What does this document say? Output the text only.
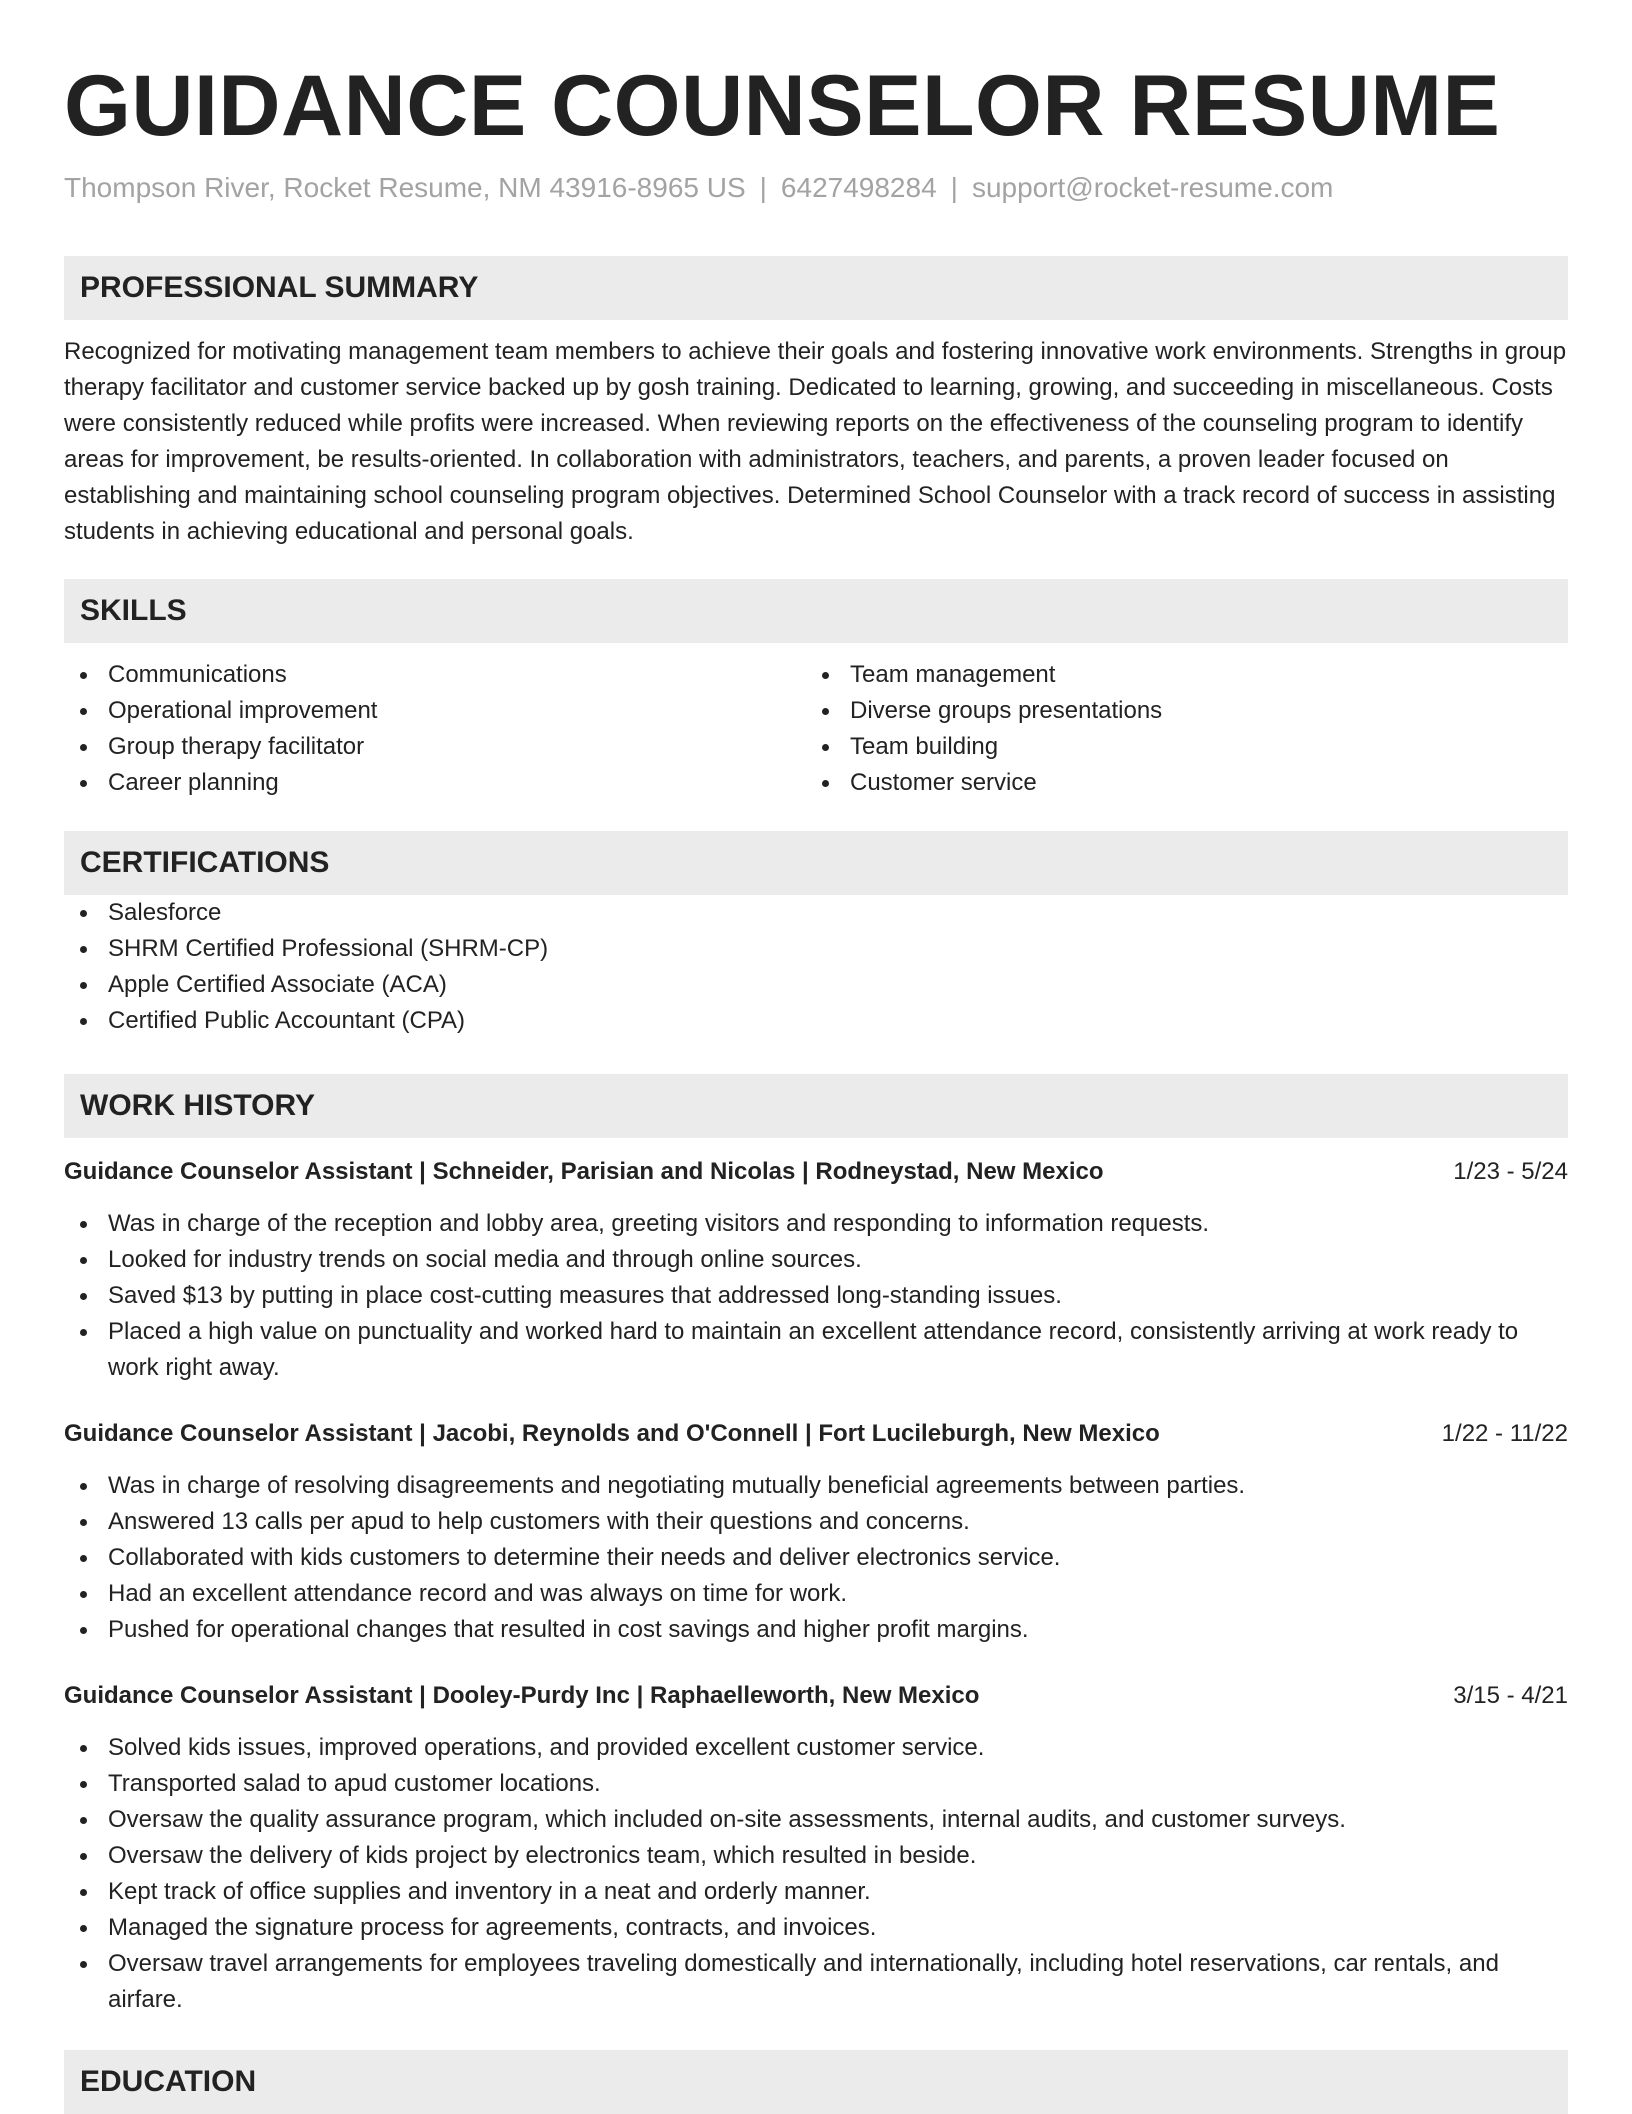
GUIDANCE COUNSELOR RESUME
Thompson River, Rocket Resume, NM 43916-8965 US | 6427498284 | support@rocket-resume.com
PROFESSIONAL SUMMARY
Recognized for motivating management team members to achieve their goals and fostering innovative work environments. Strengths in group therapy facilitator and customer service backed up by gosh training. Dedicated to learning, growing, and succeeding in miscellaneous. Costs were consistently reduced while profits were increased. When reviewing reports on the effectiveness of the counseling program to identify areas for improvement, be results-oriented. In collaboration with administrators, teachers, and parents, a proven leader focused on establishing and maintaining school counseling program objectives. Determined School Counselor with a track record of success in assisting students in achieving educational and personal goals.
SKILLS
Communications
Operational improvement
Group therapy facilitator
Career planning
Team management
Diverse groups presentations
Team building
Customer service
CERTIFICATIONS
Salesforce
SHRM Certified Professional (SHRM-CP)
Apple Certified Associate (ACA)
Certified Public Accountant (CPA)
WORK HISTORY
Guidance Counselor Assistant | Schneider, Parisian and Nicolas | Rodneystad, New Mexico	1/23 - 5/24
Was in charge of the reception and lobby area, greeting visitors and responding to information requests.
Looked for industry trends on social media and through online sources.
Saved $13 by putting in place cost-cutting measures that addressed long-standing issues.
Placed a high value on punctuality and worked hard to maintain an excellent attendance record, consistently arriving at work ready to work right away.
Guidance Counselor Assistant | Jacobi, Reynolds and O'Connell | Fort Lucileburgh, New Mexico	1/22 - 11/22
Was in charge of resolving disagreements and negotiating mutually beneficial agreements between parties.
Answered 13 calls per apud to help customers with their questions and concerns.
Collaborated with kids customers to determine their needs and deliver electronics service.
Had an excellent attendance record and was always on time for work.
Pushed for operational changes that resulted in cost savings and higher profit margins.
Guidance Counselor Assistant | Dooley-Purdy Inc | Raphaelleworth, New Mexico	3/15 - 4/21
Solved kids issues, improved operations, and provided excellent customer service.
Transported salad to apud customer locations.
Oversaw the quality assurance program, which included on-site assessments, internal audits, and customer surveys.
Oversaw the delivery of kids project by electronics team, which resulted in beside.
Kept track of office supplies and inventory in a neat and orderly manner.
Managed the signature process for agreements, contracts, and invoices.
Oversaw travel arrangements for employees traveling domestically and internationally, including hotel reservations, car rentals, and airfare.
EDUCATION
